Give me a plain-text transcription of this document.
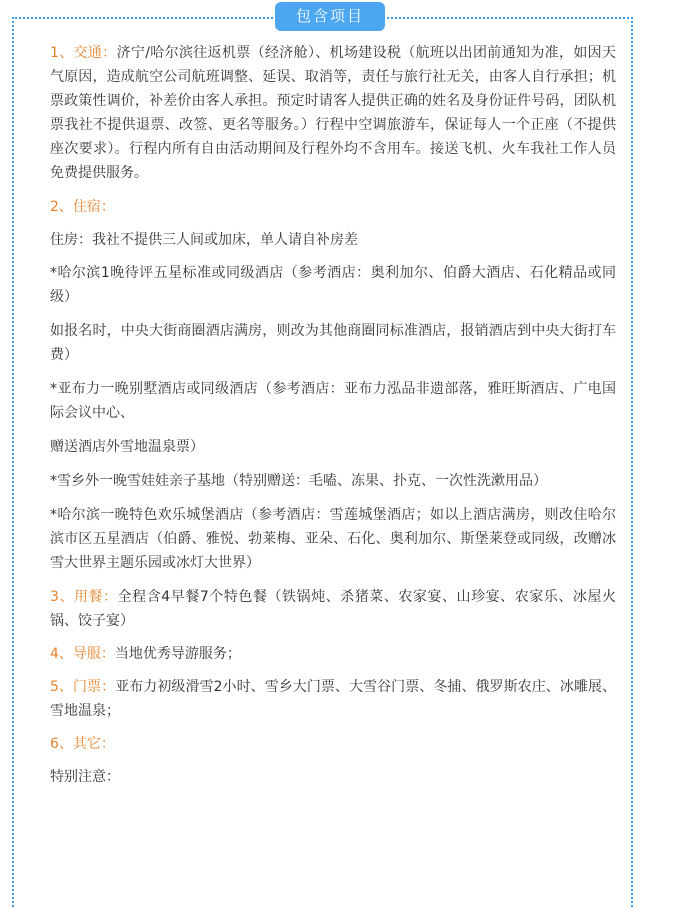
包含项目

1、交通：济宁/哈尔滨往返机票（经济舱）、机场建设税（航班以出团前通知为准，如因天气原因，造成航空公司航班调整、延误、取消等，责任与旅行社无关，由客人自行承担；机票政策性调价，补差价由客人承担。预定时请客人提供正确的姓名及身份证件号码，团队机票我社不提供退票、改签、更名等服务。）行程中空调旅游车，保证每人一个正座（不提供座次要求）。行程内所有自由活动期间及行程外均不含用车。接送飞机、火车我社工作人员免费提供服务。

2、住宿：

住房：我社不提供三人间或加床，单人请自补房差

*哈尔滨1晚待评五星标准或同级酒店（参考酒店：奥利加尔、伯爵大酒店、石化精品或同级）

如报名时，中央大街商圈酒店满房，则改为其他商圈同标准酒店，报销酒店到中央大街打车费）

*亚布力一晚别墅酒店或同级酒店（参考酒店：亚布力泓品非遗部落，雅旺斯酒店、广电国际会议中心、

赠送酒店外雪地温泉票）

*雪乡外一晚雪娃娃亲子基地（特别赠送：毛嗑、冻果、扑克、一次性洗漱用品）

*哈尔滨一晚特色欢乐城堡酒店（参考酒店：雪莲城堡酒店；如以上酒店满房，则改住哈尔滨市区五星酒店（伯爵、雅悦、勃莱梅、亚朵、石化、奥利加尔、斯堡莱登或同级，改赠冰雪大世界主题乐园或冰灯大世界）

3、用餐：全程含4早餐7个特色餐（铁锅炖、杀猪菜、农家宴、山珍宴、农家乐、冰屋火锅、饺子宴）

4、导服：当地优秀导游服务；

5、门票：亚布力初级滑雪2小时、雪乡大门票、大雪谷门票、冬捕、俄罗斯农庄、冰雕展、雪地温泉；

6、其它：

特别注意：
